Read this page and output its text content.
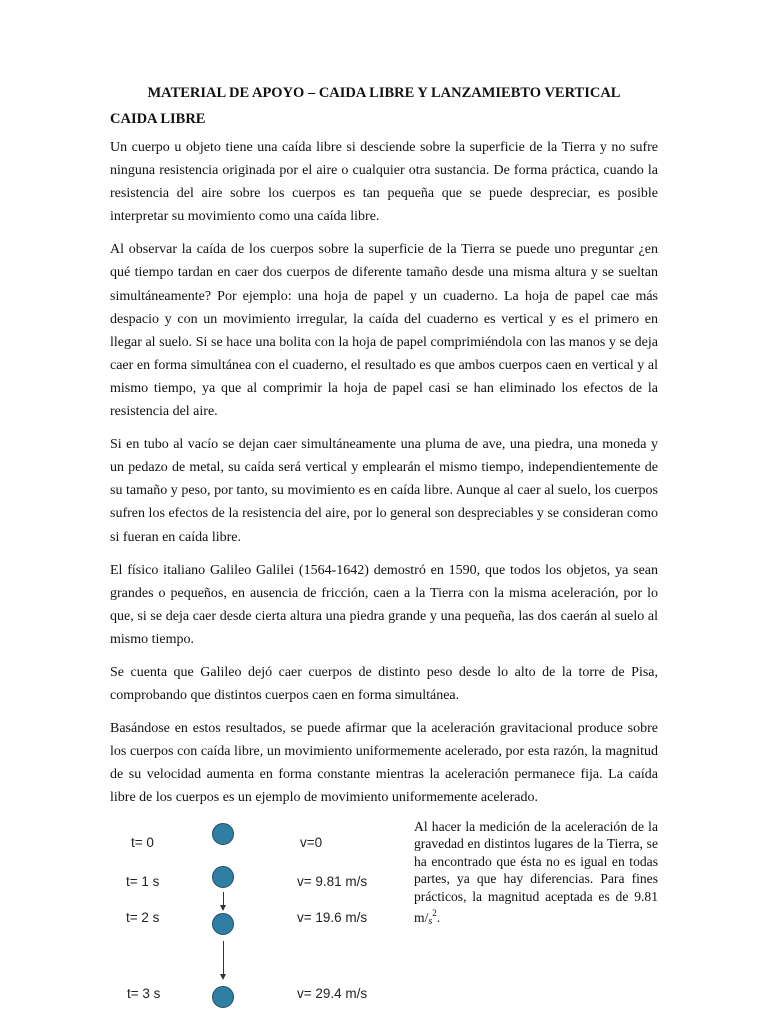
MATERIAL DE APOYO – CAIDA LIBRE Y LANZAMIEBTO VERTICAL
CAIDA LIBRE

Un cuerpo u objeto tiene una caída libre si desciende sobre la superficie de la Tierra y no sufre ninguna resistencia originada por el aire o cualquier otra sustancia. De forma práctica, cuando la resistencia del aire sobre los cuerpos es tan pequeña que se puede despreciar, es posible interpretar su movimiento como una caída libre.

Al observar la caída de los cuerpos sobre la superficie de la Tierra se puede uno preguntar ¿en qué tiempo tardan en caer dos cuerpos de diferente tamaño desde una misma altura y se sueltan simultáneamente? Por ejemplo: una hoja de papel y un cuaderno. La hoja de papel cae más despacio y con un movimiento irregular, la caída del cuaderno es vertical y es el primero en llegar al suelo. Si se hace una bolita con la hoja de papel comprimiéndola con las manos y se deja caer en forma simultánea con el cuaderno, el resultado es que ambos cuerpos caen en vertical y al mismo tiempo, ya que al comprimir la hoja de papel casi se han eliminado los efectos de la resistencia del aire.

Si en tubo al vacío se dejan caer simultáneamente una pluma de ave, una piedra, una moneda y un pedazo de metal, su caída será vertical y emplearán el mismo tiempo, independientemente de su tamaño y peso, por tanto, su movimiento es en caída libre. Aunque al caer al suelo, los cuerpos sufren los efectos de la resistencia del aire, por lo general son despreciables y se consideran como si fueran en caída libre.

El físico italiano Galileo Galilei (1564-1642) demostró en 1590, que todos los objetos, ya sean grandes o pequeños, en ausencia de fricción, caen a la Tierra con la misma aceleración, por lo que, si se deja caer desde cierta altura una piedra grande y una pequeña, las dos caerán al suelo al mismo tiempo.

Se cuenta que Galileo dejó caer cuerpos de distinto peso desde lo alto de la torre de Pisa, comprobando que distintos cuerpos caen en forma simultánea.

Basándose en estos resultados, se puede afirmar que la aceleración gravitacional produce sobre los cuerpos con caída libre, un movimiento uniformemente acelerado, por esta razón, la magnitud de su velocidad aumenta en forma constante mientras la aceleración permanece fija. La caída libre de los cuerpos es un ejemplo de movimiento uniformemente acelerado.

t= 0	v=0
t= 1 s	v= 9.81 m/s
t= 2 s	v= 19.6 m/s
t= 3 s	v= 29.4 m/s
Al hacer la medición de la aceleración de la gravedad en distintos lugares de la Tierra, se ha encontrado que ésta no es igual en todas partes, ya que hay diferencias. Para fines prácticos, la magnitud aceptada es de 9.81 $m/_s^2$.
